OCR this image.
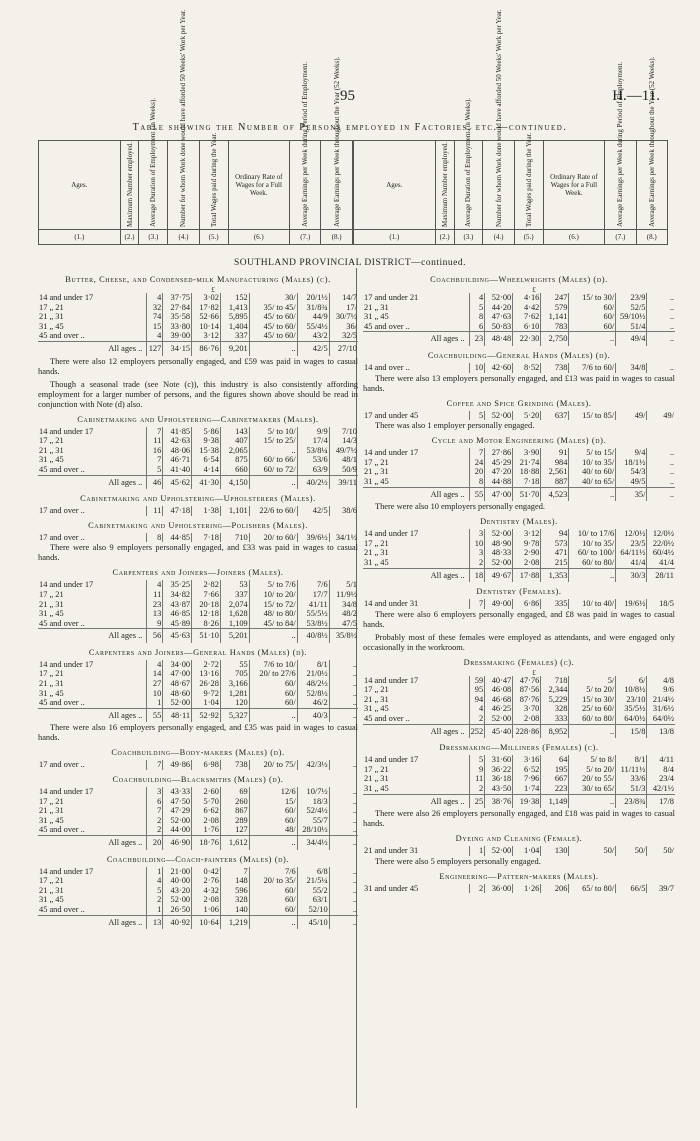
95	H.—11.
Table showing the Number of Persons employed in Factories, etc.—continued.
Ages.	Maximum Number employed.	Average Duration of Employment (in Weeks).	Number for whom Work done would have afforded 50 Weeks' Work per Year.	Total Wages paid during the Year.	Ordinary Rate of Wages for a Full Week.	Average Earnings per Week during Period of Employment.	Average Earnings per Week throughout the Year (52 Weeks).	Ages.	Maximum Number employed.	Average Duration of Employment (in Weeks).	Number for whom Work done would have afforded 50 Weeks' Work per Year.	Total Wages paid during the Year.	Ordinary Rate of Wages for a Full Week.	Average Earnings per Week during Period of Employment.	Average Earnings per Week throughout the Year (52 Weeks).
(1.)	(2.)	(3.)	(4.)	(5.)	(6.)	(7.)	(8.)	(1.)	(2.)	(3.)	(4.)	(5.)	(6.)	(7.)	(8.)
SOUTHLAND PROVINCIAL DISTRICT—continued.
Butter, Cheese, and Condensed-milk Manufacturing (Males) (c).
£
14 and under 17	4	37·75	3·02	152	30/	20/1½	14/7
17 „ 21	32	27·84	17·82	1,413	35/ to 45/	31/8¾	17/
21 „ 31	74	35·58	52·66	5,895	45/ to 60/	44/9	30/7½
31 „ 45	15	33·80	10·14	1,404	45/ to 60/	55/4½	36/
45 and over ..	4	39·00	3·12	337	45/ to 60/	43/2	32/5
All ages ..	127	34·15	86·76	9,201	..	42/5	27/10
There were also 12 employers personally engaged, and £59 was paid in wages to casual hands.
Though a seasonal trade (see Note (c)), this industry is also consistently affording employment for a larger number of persons, and the figures shown above should be read in conjunction with Note (d) also.
Cabinetmaking and Upholstering—Cabinetmakers (Males).
14 and under 17	7	41·85	5·86	143	5/ to 10/	9/9	7/10
17 „ 21	11	42·63	9·38	407	15/ to 25/	17/4	14/3
21 „ 31	16	48·06	15·38	2,065	..	53/8¼	49/7½
31 „ 45	7	46·71	6·54	875	60/ to 66/	53/6	48/1
45 and over ..	5	41·40	4·14	660	60/ to 72/	63/9	50/9
All ages ..	46	45·62	41·30	4,150	..	40/2½	39/11
Cabinetmaking and Upholstering—Upholsterers (Males).
17 and over ..	11	47·18	1·38	1,101	22/6 to 60/	42/5	38/6
Cabinetmaking and Upholstering—Polishers (Males).
17 and over ..	8	44·85	7·18	710	20/ to 60/	39/6½	34/1½
There were also 9 employers personally engaged, and £33 was paid in wages to casual hands.
Carpenters and Joiners—Joiners (Males).
14 and under 17	4	35·25	2·82	53	5/ to 7/6	7/6	5/1
17 „ 21	11	34·82	7·66	337	10/ to 20/	17/7	11/9½
21 „ 31	23	43·87	20·18	2,074	15/ to 72/	41/11	34/8
31 „ 45	13	46·85	12·18	1,628	48/ to 80/	55/5½	48/2
45 and over ..	9	45·89	8·26	1,109	45/ to 84/	53/8½	47/5
All ages ..	56	45·63	51·10	5,201	..	40/8½	35/8½
Carpenters and Joiners—General Hands (Males) (d).
14 and under 17	4	34·00	2·72	55	7/6 to 10/	8/1	..
17 „ 21	14	47·00	13·16	705	20/ to 27/6	21/0½	..
21 „ 31	27	48·67	26·28	3,166	60/	48/2½	..
31 „ 45	10	48·60	9·72	1,281	60/	52/8½	..
45 and over ..	1	52·00	1·04	120	60/	46/2	..
All ages ..	55	48·11	52·92	5,327	..	40/3	..
There were also 16 employers personally engaged, and £35 was paid in wages to casual hands.
Coachbuilding—Body-makers (Males) (d).
17 and over ..	7	49·86	6·98	738	20/ to 75/	42/3½	..
Coachbuilding—Blacksmiths (Males) (d).
14 and under 17	3	43·33	2·60	69	12/6	10/7½	..
17 „ 21	6	47·50	5·70	260	15/	18/3	..
21 „ 31	7	47·29	6·62	867	60/	52/4½	..
31 „ 45	2	52·00	2·08	289	60/	55/7	..
45 and over ..	2	44·00	1·76	127	48/	28/10½	..
All ages ..	20	46·90	18·76	1,612	..	34/4½	..
Coachbuilding—Coach-painters (Males) (d).
14 and under 17	1	21·00	0·42	7	7/6	6/8	..
17 „ 21	4	40·00	2·76	148	20/ to 35/	21/5¼	..
21 „ 31	5	43·20	4·32	596	60/	55/2	..
31 „ 45	2	52·00	2·08	328	60/	63/1	..
45 and over ..	1	26·50	1·06	140	60/	52/10	..
All ages ..	13	40·92	10·64	1,219	..	45/10	..
Coachbuilding—Wheelwrights (Males) (d).
£
17 and under 21	4	52·00	4·16	247	15/ to 30/	23/9	..
21 „ 31	5	44·20	4·42	579	60/	52/5	..
31 „ 45	8	47·63	7·62	1,141	60/	59/10½	..
45 and over ..	6	50·83	6·10	783	60/	51/4	..
All ages ..	23	48·48	22·30	2,750	..	49/4	..
Coachbuilding—General Hands (Males) (d).
14 and over ..	10	42·60	8·52	738	7/6 to 60/	34/8	..
There were also 13 employers personally engaged, and £13 was paid in wages to casual hands.
Coffee and Spice Grinding (Males).
17 and under 45	5	52·00	5·20	637	15/ to 85/	49/	49/
There was also 1 employer personally engaged.
Cycle and Motor Engineering (Males) (d).
14 and under 17	7	27·86	3·90	91	5/ to 15/	9/4	..
17 „ 21	24	45·29	21·74	984	10/ to 35/	18/1½	..
21 „ 31	20	47·20	18·88	2,561	40/ to 60/	54/3	..
31 „ 45	8	44·88	7·18	887	40/ to 65/	49/5	..
All ages ..	55	47·00	51·70	4,523	..	35/	..
There were also 10 employers personally engaged.
Dentistry (Males).
14 and under 17	3	52·00	3·12	94	10/ to 17/6	12/0½	12/0½
17 „ 21	10	48·90	9·78	573	10/ to 35/	23/5	22/0½
21 „ 31	3	48·33	2·90	471	60/ to 100/	64/11½	60/4½
31 „ 45	2	52·00	2·08	215	60/ to 80/	41/4	41/4
All ages ..	18	49·67	17·88	1,353	..	30/3	28/11
Dentistry (Females).
14 and under 31	7	49·00	6·86	335	10/ to 40/	19/6½	18/5
There were also 6 employers personally engaged, and £8 was paid in wages to casual hands.
Probably most of these females were employed as attendants, and were engaged only occasionally in the workroom.
Dressmaking (Females) (c).
£
14 and under 17	59	40·47	47·76	718	5/	6/	4/8
17 „ 21	95	46·08	87·56	2,344	5/ to 20/	10/8½	9/6
21 „ 31	94	46·68	87·76	5,229	15/ to 30/	23/10	21/4½
31 „ 45	4	46·25	3·70	328	25/ to 60/	35/5½	31/6½
45 and over ..	2	52·00	2·08	333	60/ to 80/	64/0½	64/0½
All ages ..	252	45·40	228·86	8,952	..	15/8	13/8
Dressmaking—Milliners (Females) (c).
14 and under 17	5	31·60	3·16	64	5/ to 8/	8/1	4/11
17 „ 21	9	36·22	6·52	195	5/ to 20/	11/11½	8/4
21 „ 31	11	36·18	7·96	667	20/ to 55/	33/6	23/4
31 „ 45	2	43·50	1·74	223	30/ to 65/	51/3	42/1½
All ages ..	25	38·76	19·38	1,149	..	23/8¾	17/8
There were also 26 employers personally engaged, and £18 was paid in wages to casual hands.
Dyeing and Cleaning (Female).
21 and under 31	1	52·00	1·04	130	50/	50/	50/
There were also 5 employers personally engaged.
Engineering—Pattern-makers (Males).
31 and under 45	2	36·00	1·26	206	65/ to 80/	66/5	39/7
